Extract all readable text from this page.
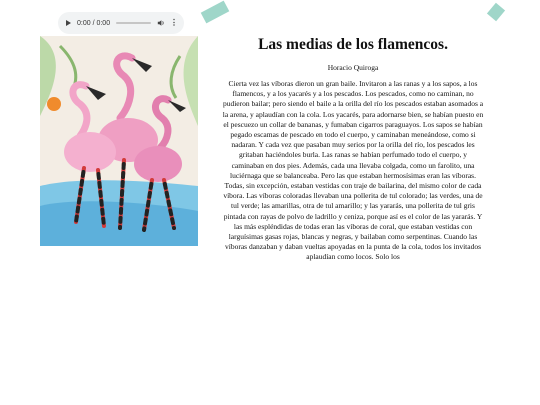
0:00 / 0:00	⋮
Las medias de los flamencos.

Horacio Quiroga

Cierta vez las víboras dieron un gran baile. Invitaron a las ranas y a los sapos, a los flamencos, y a los yacarés y a los pescados. Los pescados, como no caminan, no pudieron bailar; pero siendo el baile a la orilla del río los pescados estaban asomados a la arena, y aplaudían con la cola. Los yacarés, para adornarse bien, se habían puesto en el pescuezo un collar de bananas, y fumaban cigarros paraguayos. Los sapos se habían pegado escamas de pescado en todo el cuerpo, y caminaban meneándose, como si nadaran. Y cada vez que pasaban muy serios por la orilla del río, los pescados les gritaban haciéndoles burla. Las ranas se habían perfumado todo el cuerpo, y caminaban en dos pies. Además, cada una llevaba colgada, como un farolito, una luciérnaga que se balanceaba. Pero las que estaban hermosísimas eran las víboras. Todas, sin excepción, estaban vestidas con traje de bailarina, del mismo color de cada víbora. Las víboras coloradas llevaban una pollerita de tul colorado; las verdes, una de tul verde; las amarillas, otra de tul amarillo; y las yararás, una pollerita de tul gris pintada con rayas de polvo de ladrillo y ceniza, porque así es el color de las yararás. Y las más espléndidas de todas eran las víboras de coral, que estaban vestidas con larguísimas gasas rojas, blancas y negras, y bailaban como serpentinas. Cuando las víboras danzaban y daban vueltas apoyadas en la punta de la cola, todos los invitados aplaudían como locos. Solo los
